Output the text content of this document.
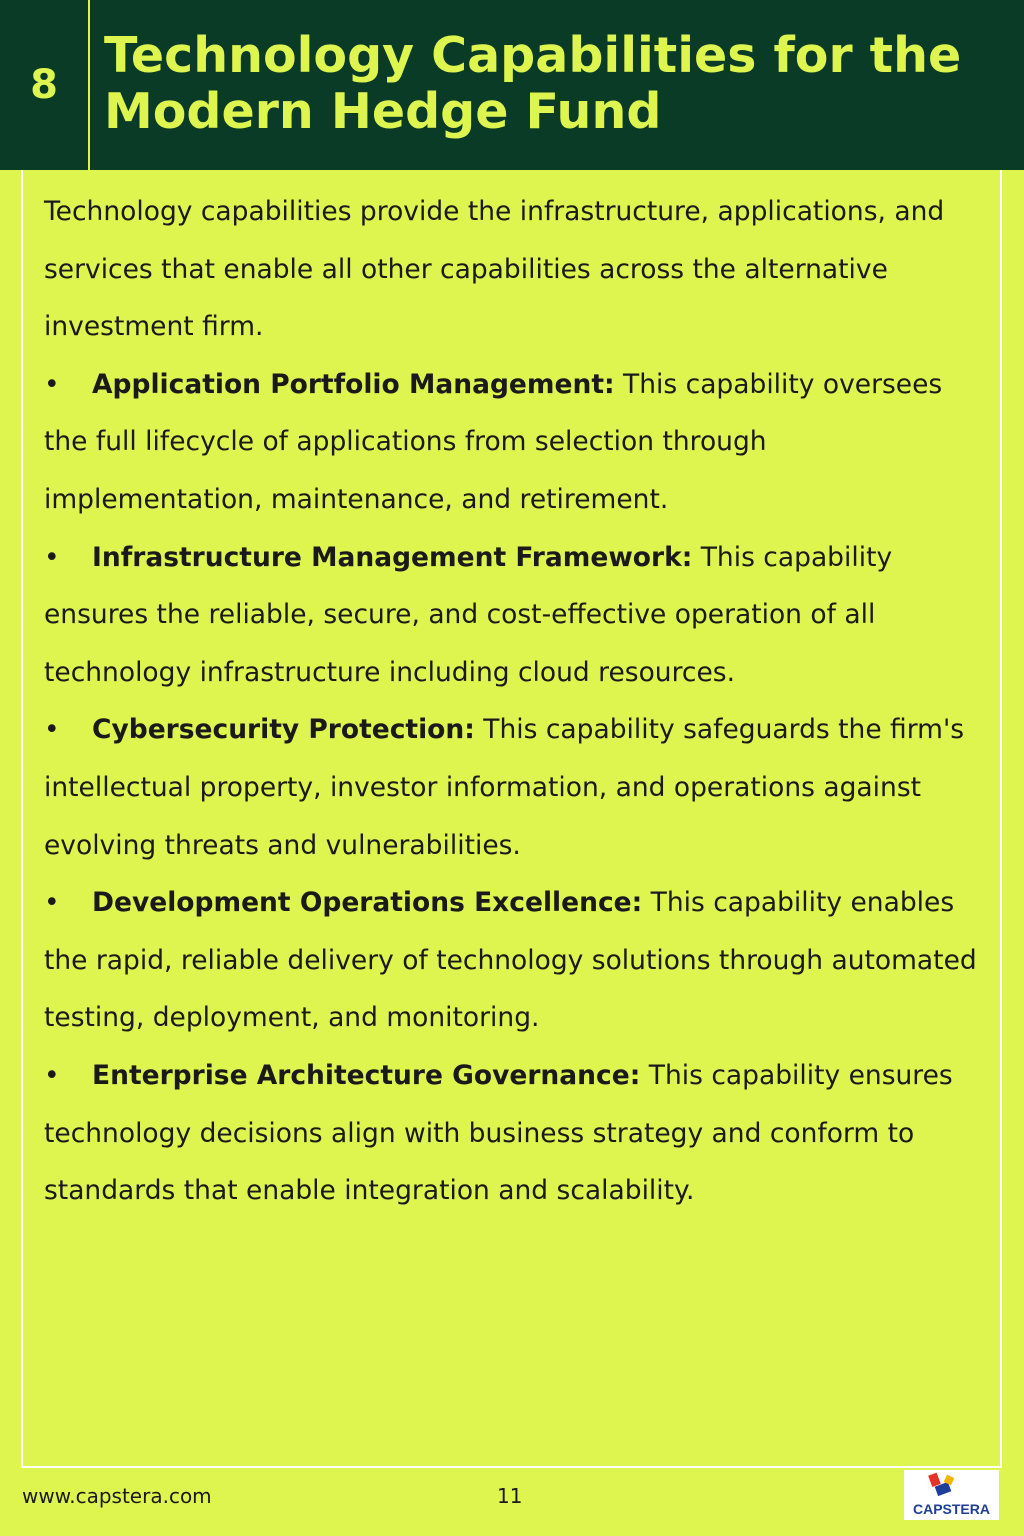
8
Technology Capabilities for the Modern Hedge Fund

Technology capabilities provide the infrastructure, applications, and services that enable all other capabilities across the alternative investment firm.

• Application Portfolio Management: This capability oversees the full lifecycle of applications from selection through implementation, maintenance, and retirement.

• Infrastructure Management Framework: This capability ensures the reliable, secure, and cost-effective operation of all technology infrastructure including cloud resources.

• Cybersecurity Protection: This capability safeguards the firm's intellectual property, investor information, and operations against evolving threats and vulnerabilities.

• Development Operations Excellence: This capability enables the rapid, reliable delivery of technology solutions through automated testing, deployment, and monitoring.

• Enterprise Architecture Governance: This capability ensures technology decisions align with business strategy and conform to standards that enable integration and scalability.

www.capstera.com	11
CAPSTERA
